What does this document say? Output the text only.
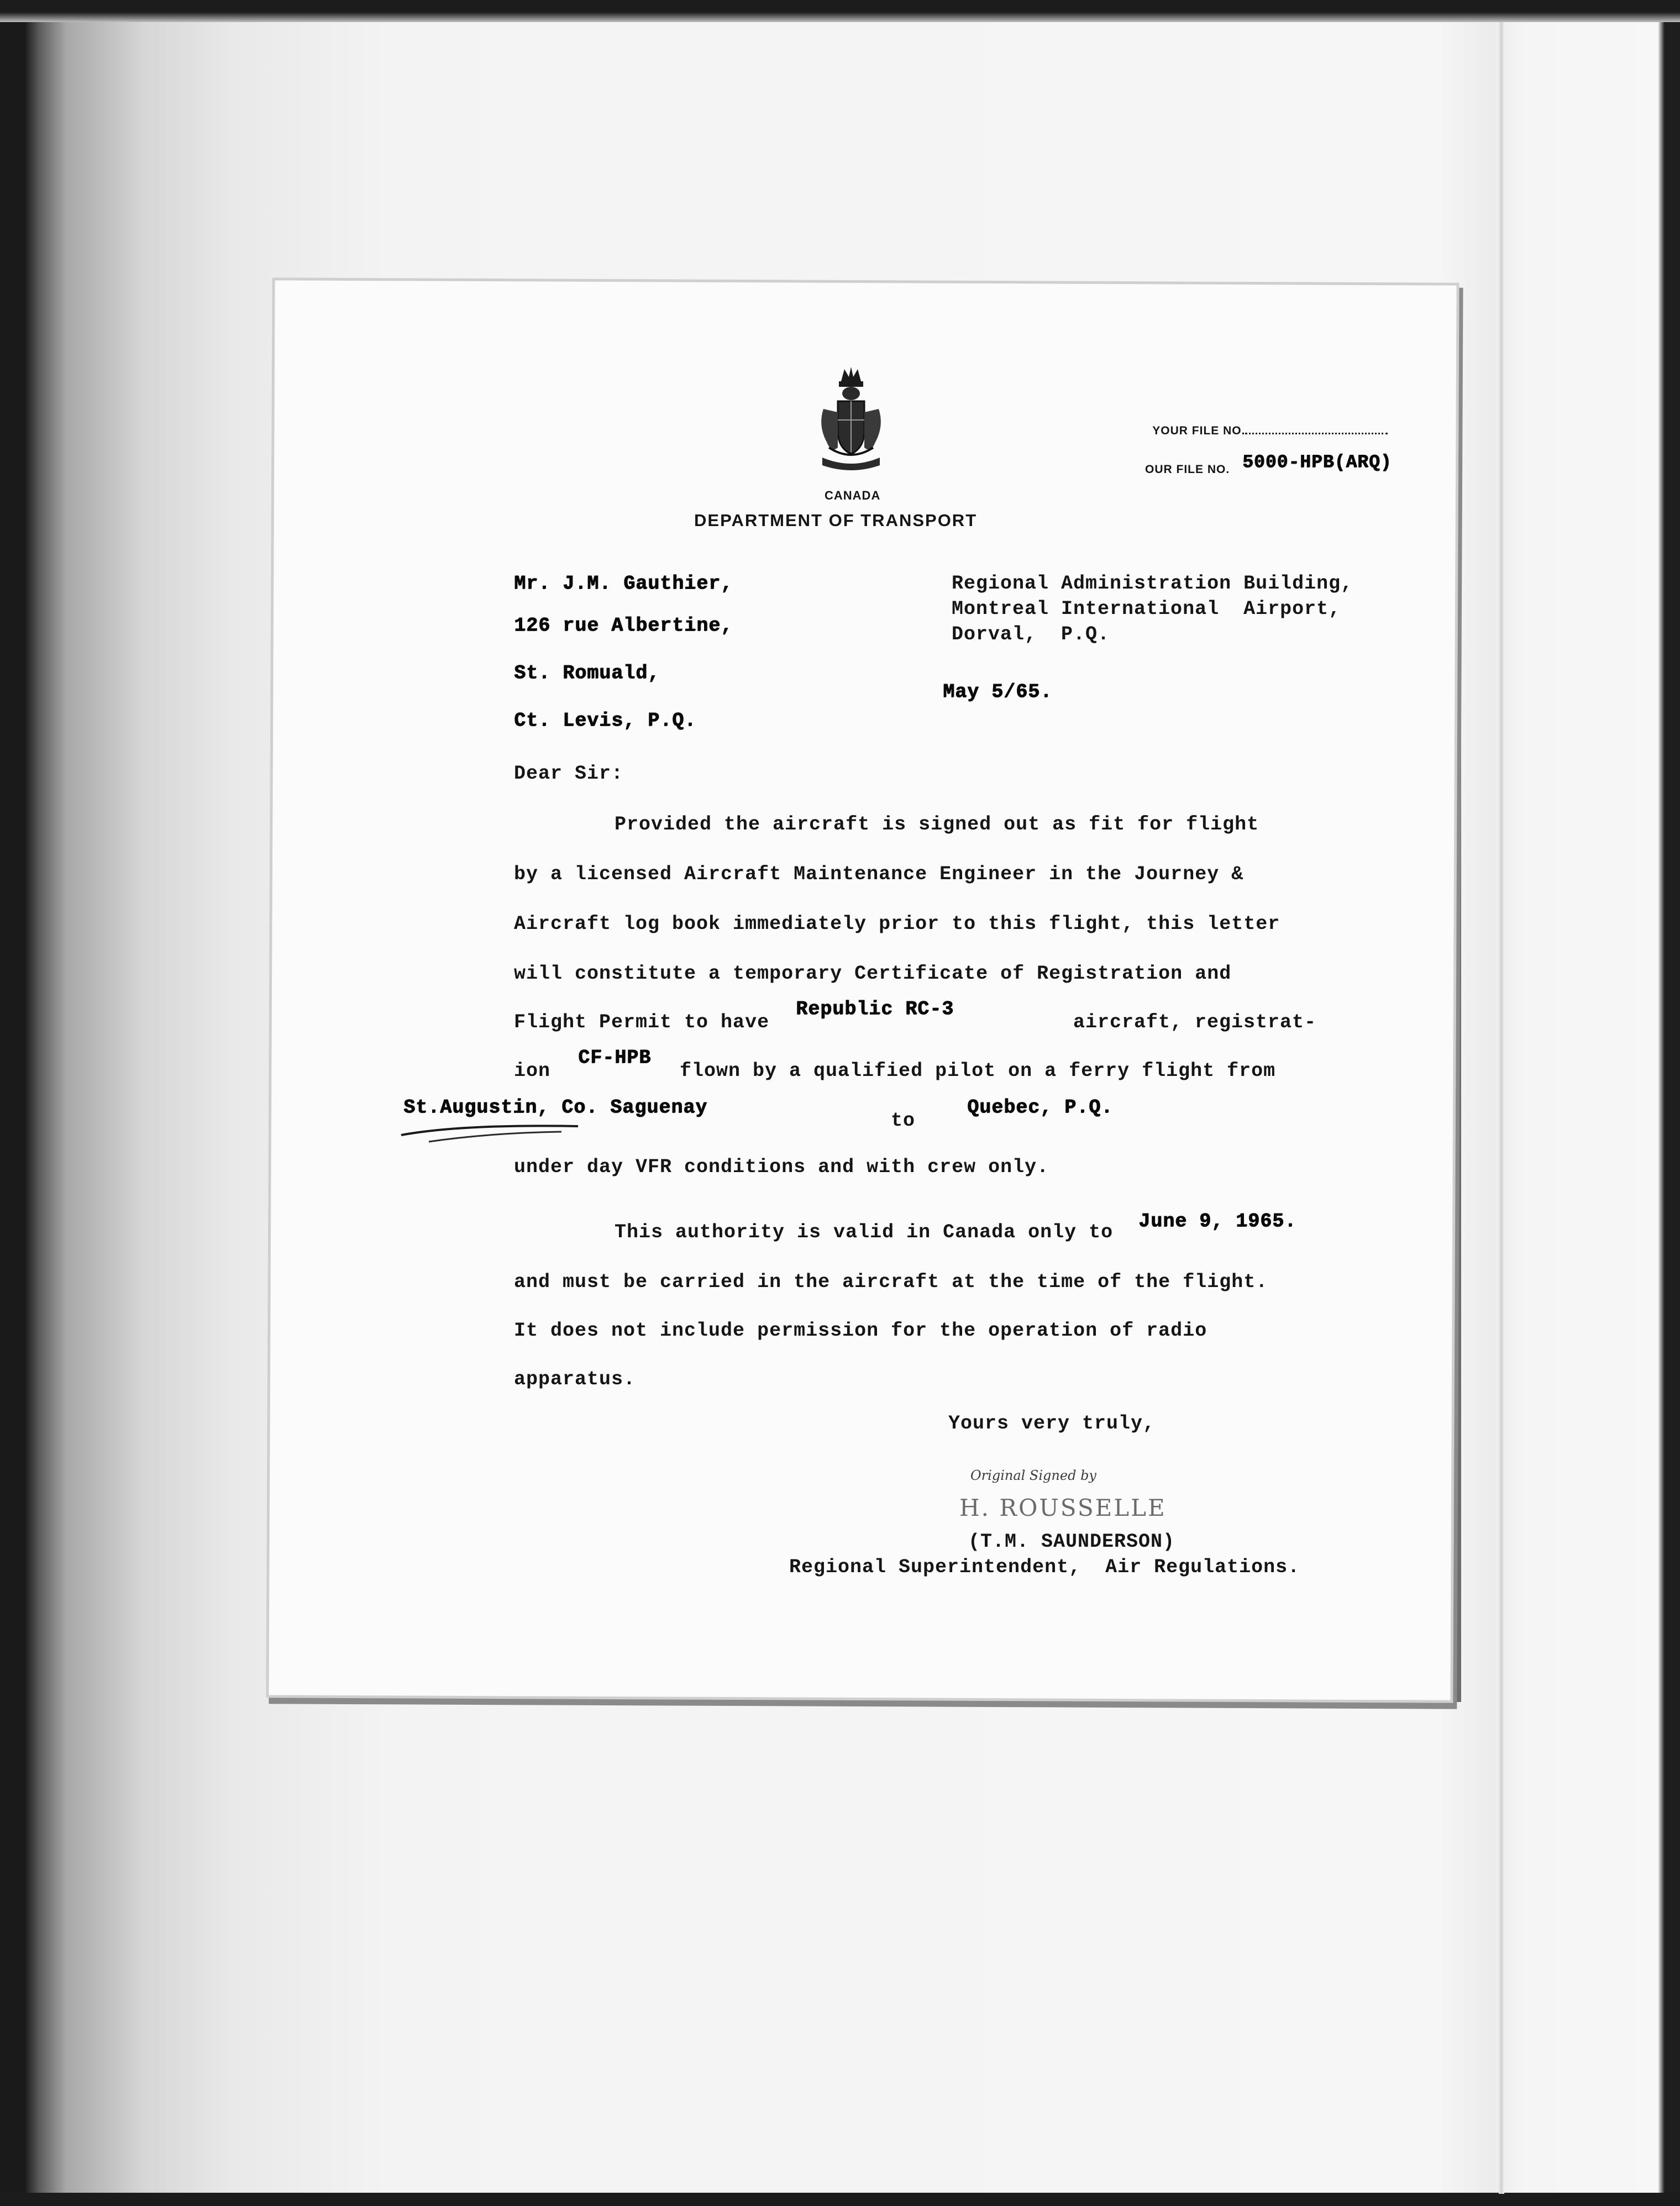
YOUR FILE NO.

OUR FILE NO. 5000-HPB(ARQ)
CANADA
DEPARTMENT OF TRANSPORT
Mr. J.M. Gauthier,
126 rue Albertine,
St. Romuald,
Ct. Levis, P.Q.
Regional Administration Building,
Montreal International  Airport,
Dorval,  P.Q.
May 5/65.
Dear Sir:
Provided the aircraft is signed out as fit for flight
by a licensed Aircraft Maintenance Engineer in the Journey &
Aircraft log book immediately prior to this flight, this letter
will constitute a temporary Certificate of Registration and
Flight Permit to have
Republic RC-3
aircraft, registrat-
ion
CF-HPB
flown by a qualified pilot on a ferry flight from
St.Augustin, Co. Saguenay
to
Quebec, P.Q.
under day VFR conditions and with crew only.
This authority is valid in Canada only to June 9, 1965.
and must be carried in the aircraft at the time of the flight.
It does not include permission for the operation of radio
apparatus.
Yours very truly,
Original Signed by
H. ROUSSELLE
(T.M. SAUNDERSON)
Regional Superintendent,  Air Regulations.
